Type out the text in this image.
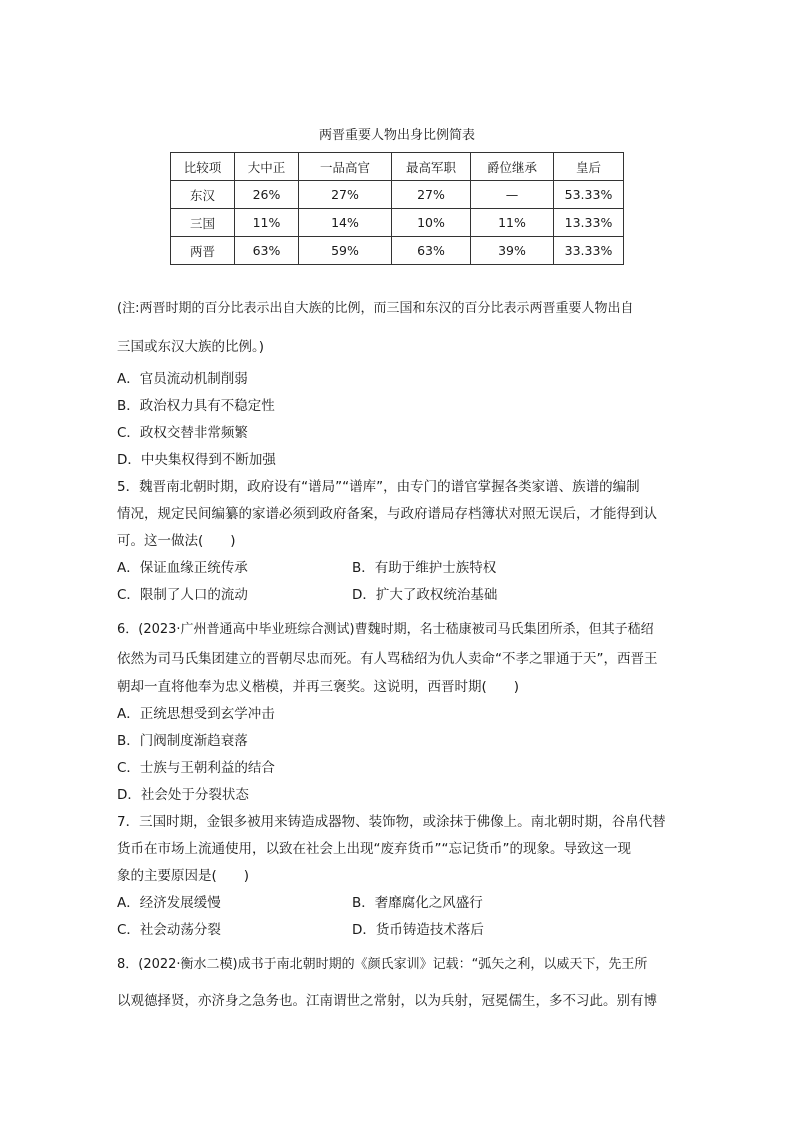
两晋重要人物出身比例简表
比较项	大中正	一品高官	最高军职	爵位继承	皇后
东汉	26%	27%	27%	—	53.33%
三国	11%	14%	10%	11%	13.33%
两晋	63%	59%	63%	39%	33.33%
(注:两晋时期的百分比表示出自大族的比例，而三国和东汉的百分比表示两晋重要人物出自
三国或东汉大族的比例。)
A．官员流动机制削弱
B．政治权力具有不稳定性
C．政权交替非常频繁
D．中央集权得到不断加强
5．魏晋南北朝时期，政府设有“谱局”“谱库”，由专门的谱官掌握各类家谱、族谱的编制
情况，规定民间编纂的家谱必须到政府备案，与政府谱局存档簿状对照无误后，才能得到认
可。这一做法(　　)
A．保证血缘正统传承	B．有助于维护士族特权
C．限制了人口的流动	D．扩大了政权统治基础
6．(2023·广州普通高中毕业班综合测试)曹魏时期，名士嵇康被司马氏集团所杀，但其子嵇绍
依然为司马氏集团建立的晋朝尽忠而死。有人骂嵇绍为仇人卖命“不孝之罪通于天”，西晋王
朝却一直将他奉为忠义楷模，并再三褒奖。这说明，西晋时期(　　)
A．正统思想受到玄学冲击
B．门阀制度渐趋衰落
C．士族与王朝利益的结合
D．社会处于分裂状态
7．三国时期，金银多被用来铸造成器物、装饰物，或涂抹于佛像上。南北朝时期，谷帛代替
货币在市场上流通使用，以致在社会上出现“废弃货币”“忘记货币”的现象。导致这一现
象的主要原因是(　　)
A．经济发展缓慢	B．奢靡腐化之风盛行
C．社会动荡分裂	D．货币铸造技术落后
8．(2022·衡水二模)成书于南北朝时期的《颜氏家训》记载：“弧矢之利，以威天下，先王所
以观德择贤，亦济身之急务也。江南谓世之常射，以为兵射，冠冕儒生，多不习此。别有博
